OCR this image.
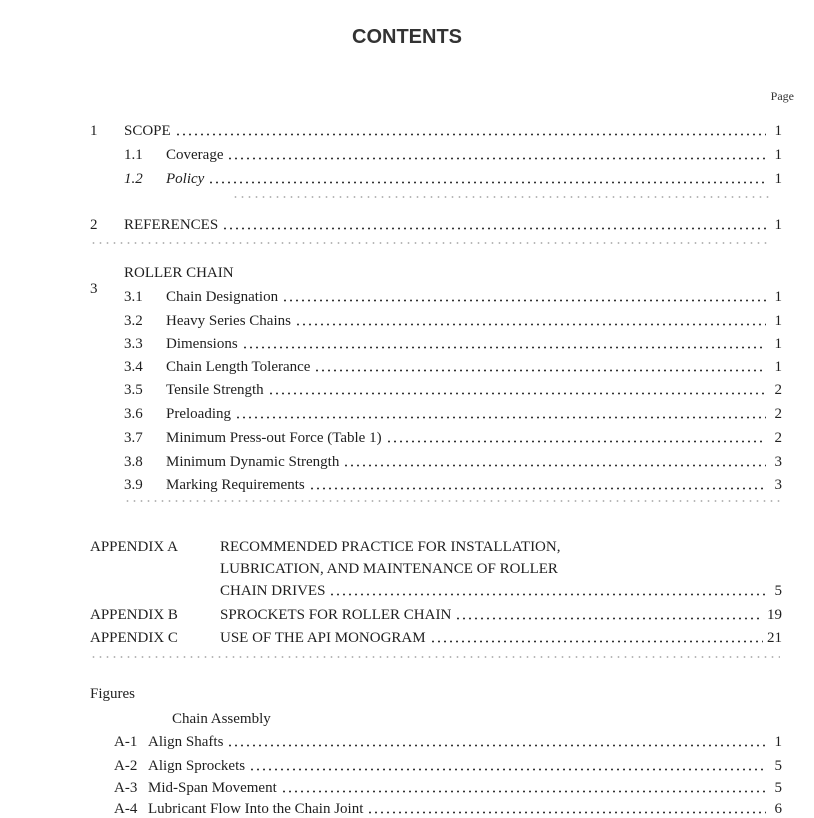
CONTENTS
Page
1	SCOPE	1
1.1	Coverage	1
1.2	Policy	1
2	REFERENCES	1
3
ROLLER CHAIN
3.1	Chain Designation	1
3.2	Heavy Series Chains	1
3.3	Dimensions	1
3.4	Chain Length Tolerance	1
3.5	Tensile Strength	2
3.6	Preloading	2
3.7	Minimum Press-out Force (Table 1)	2
3.8	Minimum Dynamic Strength	3
3.9	Marking Requirements	3
APPENDIX A	RECOMMENDED PRACTICE FOR INSTALLATION,
LUBRICATION, AND MAINTENANCE OF ROLLER
CHAIN DRIVES	5
APPENDIX B	SPROCKETS FOR ROLLER CHAIN	19
APPENDIX C	USE OF THE API MONOGRAM	21
Figures
Chain Assembly
A-1 Align Shafts	1
A-2 Align Sprockets	5
A-3 Mid-Span Movement	5
A-4 Lubricant Flow Into the Chain Joint	6
